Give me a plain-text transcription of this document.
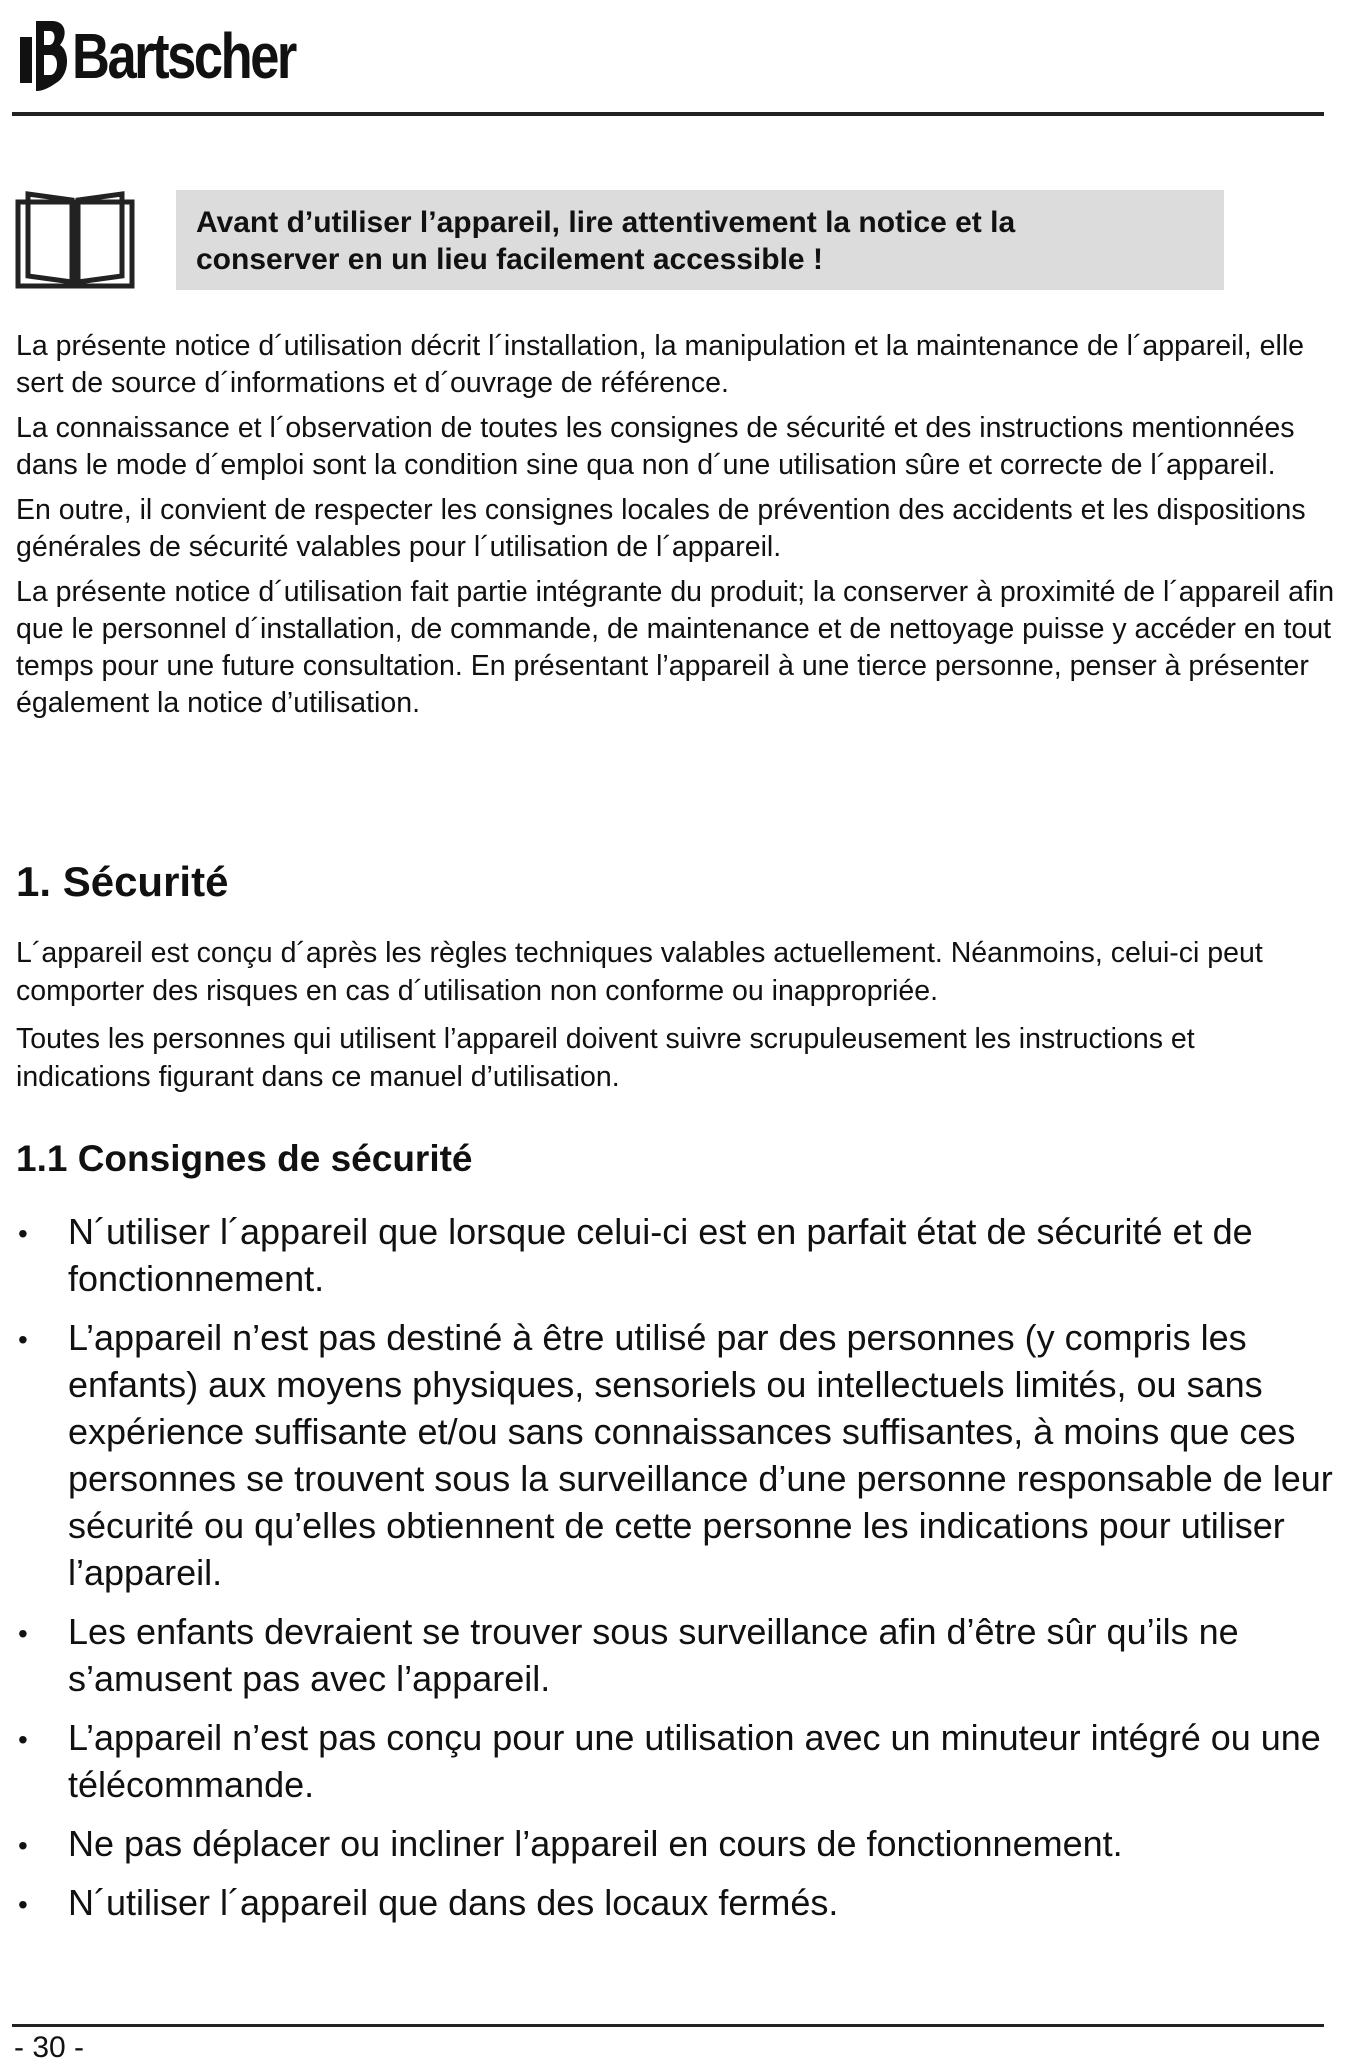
Bartscher

Avant d’utiliser l’appareil, lire attentivement la notice et la

conserver en un lieu facilement accessible !

La présente notice d´utilisation décrit l´installation, la manipulation et la maintenance de l´appareil, elle sert de source d´informations et d´ouvrage de référence.

La connaissance et l´observation de toutes les consignes de sécurité et des instructions mentionnées dans le mode d´emploi sont la condition sine qua non d´une utilisation sûre et correcte de l´appareil.

En outre, il convient de respecter les consignes locales de prévention des accidents et les dispositions générales de sécurité valables pour l´utilisation de l´appareil.

La présente notice d´utilisation fait partie intégrante du produit; la conserver à proximité de l´appareil afin que le personnel d´installation, de commande, de maintenance et de nettoyage puisse y accéder en tout temps pour une future consultation. En présentant l’appareil à une tierce personne, penser à présenter également la notice d’utilisation.

1. Sécurité

L´appareil est conçu d´après les règles techniques valables actuellement. Néanmoins, celui-ci peut comporter des risques en cas d´utilisation non conforme ou inappropriée.

Toutes les personnes qui utilisent l’appareil doivent suivre scrupuleusement les instructions et indications figurant dans ce manuel d’utilisation.

1.1 Consignes de sécurité
• N´utiliser l´appareil que lorsque celui-ci est en parfait état de sécurité et de fonctionnement.
• L’appareil n’est pas destiné à être utilisé par des personnes (y compris les enfants) aux moyens physiques, sensoriels ou intellectuels limités, ou sans expérience suffisante et/ou sans connaissances suffisantes, à moins que ces personnes se trouvent sous la surveillance d’une personne responsable de leur sécurité ou qu’elles obtiennent de cette personne les indications pour utiliser l’appareil.
• Les enfants devraient se trouver sous surveillance afin d’être sûr qu’ils ne s’amusent pas avec l’appareil.
• L’appareil n’est pas conçu pour une utilisation avec un minuteur intégré ou une télécommande.
• Ne pas déplacer ou incliner l’appareil en cours de fonctionnement.
• N´utiliser l´appareil que dans des locaux fermés.
- 30 -
